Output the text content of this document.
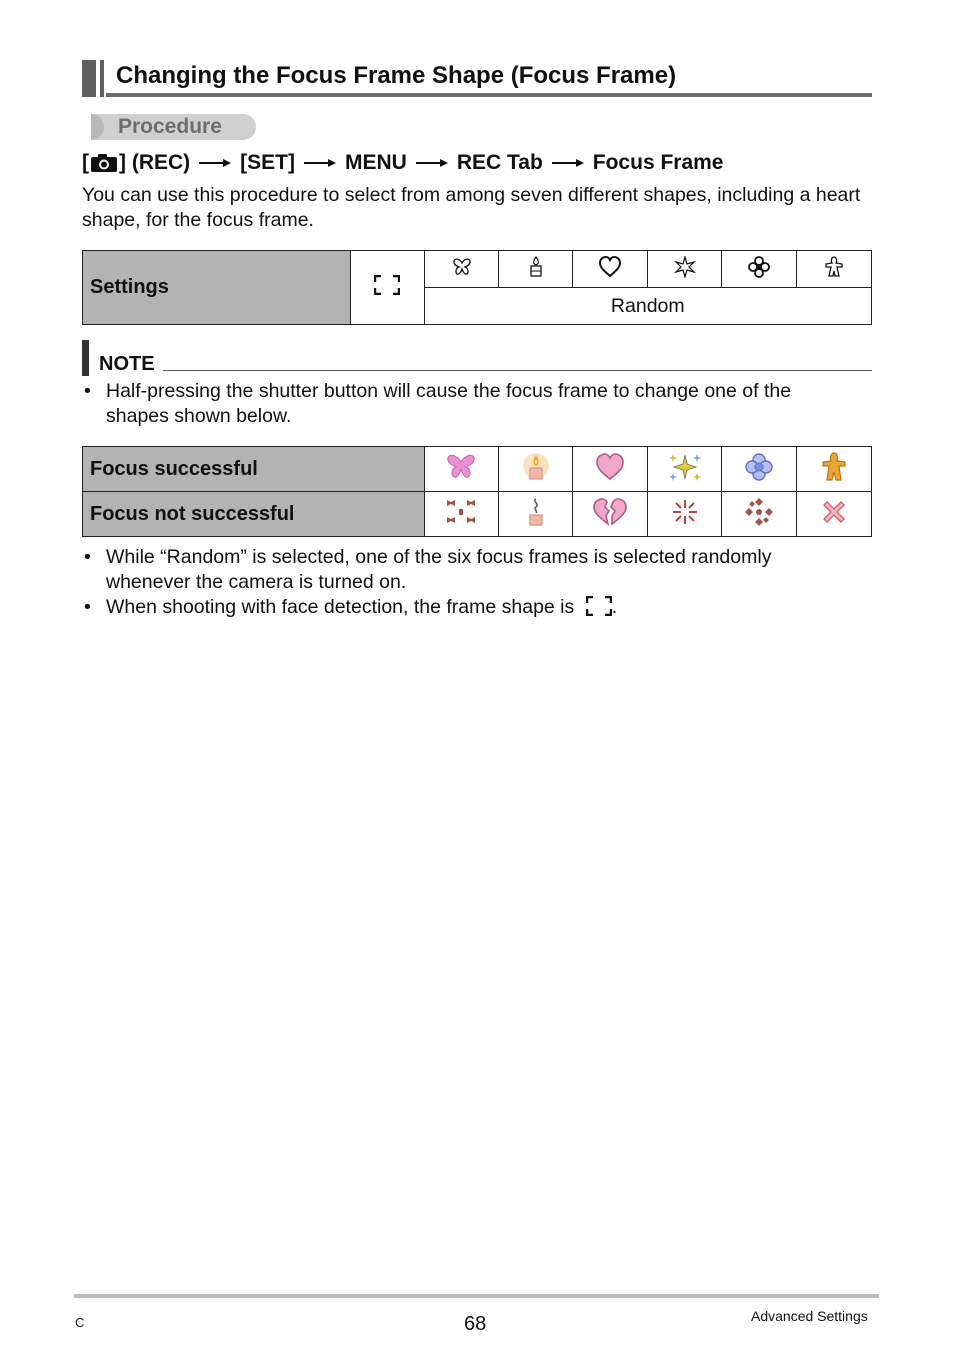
Changing the Focus Frame Shape (Focus Frame)
Procedure
[ ] (REC) [SET] MENU REC Tab Focus Frame
You can use this procedure to select from among seven different shapes, including a heart shape, for the focus frame.
Settings							
Random
NOTE
• Half-pressing the shutter button will cause the focus frame to change one of the
shapes shown below.
Focus successful						
Focus not successful						
• While “Random” is selected, one of the six focus frames is selected randomly
whenever the camera is turned on.
• When shooting with face detection, the frame shape is .
C	68	Advanced Settings
